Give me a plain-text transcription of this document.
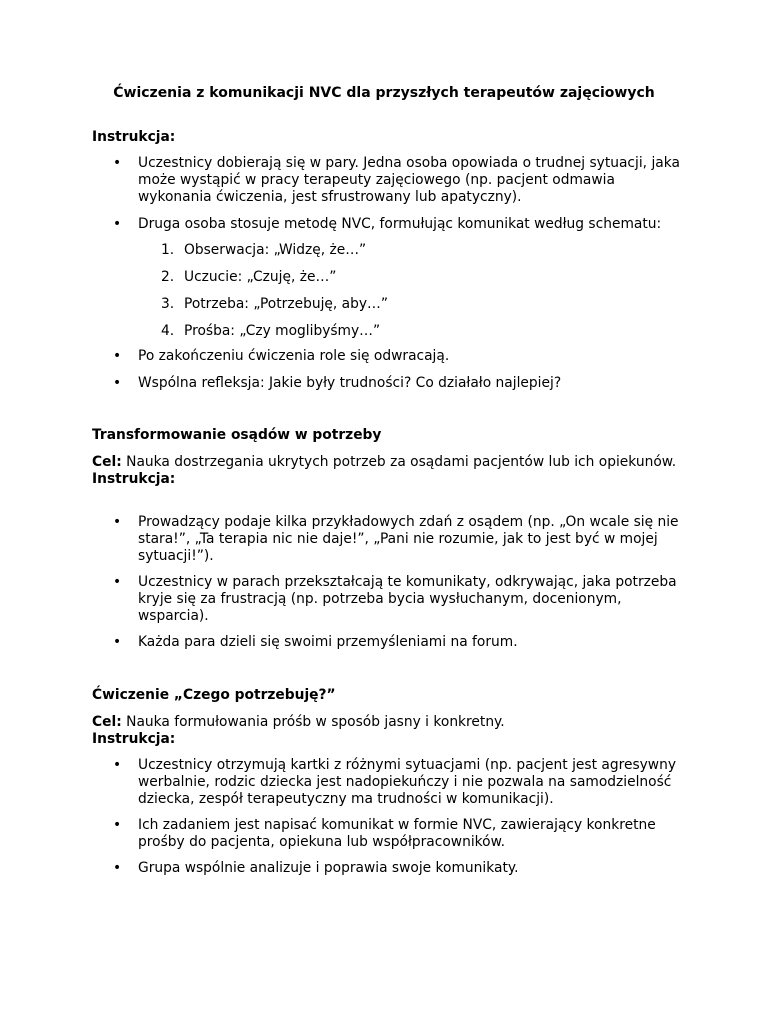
Ćwiczenia z komunikacji NVC dla przyszłych terapeutów zajęciowych
Instrukcja:
• Uczestnicy dobierają się w pary. Jedna osoba opowiada o trudnej sytuacji, jaka może wystąpić w pracy terapeuty zajęciowego (np. pacjent odmawia wykonania ćwiczenia, jest sfrustrowany lub apatyczny).
• Druga osoba stosuje metodę NVC, formułując komunikat według schematu:
1. Obserwacja: „Widzę, że…”
2. Uczucie: „Czuję, że…”
3. Potrzeba: „Potrzebuję, aby…”
4. Prośba: „Czy moglibyśmy…”
• Po zakończeniu ćwiczenia role się odwracają.
• Wspólna refleksja: Jakie były trudności? Co działało najlepiej?
Transformowanie osądów w potrzeby
Cel: Nauka dostrzegania ukrytych potrzeb za osądami pacjentów lub ich opiekunów.
Instrukcja:
• Prowadzący podaje kilka przykładowych zdań z osądem (np. „On wcale się nie stara!”, „Ta terapia nic nie daje!”, „Pani nie rozumie, jak to jest być w mojej sytuacji!”).
• Uczestnicy w parach przekształcają te komunikaty, odkrywając, jaka potrzeba kryje się za frustracją (np. potrzeba bycia wysłuchanym, docenionym, wsparcia).
• Każda para dzieli się swoimi przemyśleniami na forum.
Ćwiczenie „Czego potrzebuję?”
Cel: Nauka formułowania próśb w sposób jasny i konkretny.
Instrukcja:
• Uczestnicy otrzymują kartki z różnymi sytuacjami (np. pacjent jest agresywny werbalnie, rodzic dziecka jest nadopiekuńczy i nie pozwala na samodzielność dziecka, zespół terapeutyczny ma trudności w komunikacji).
• Ich zadaniem jest napisać komunikat w formie NVC, zawierający konkretne prośby do pacjenta, opiekuna lub współpracowników.
• Grupa wspólnie analizuje i poprawia swoje komunikaty.
